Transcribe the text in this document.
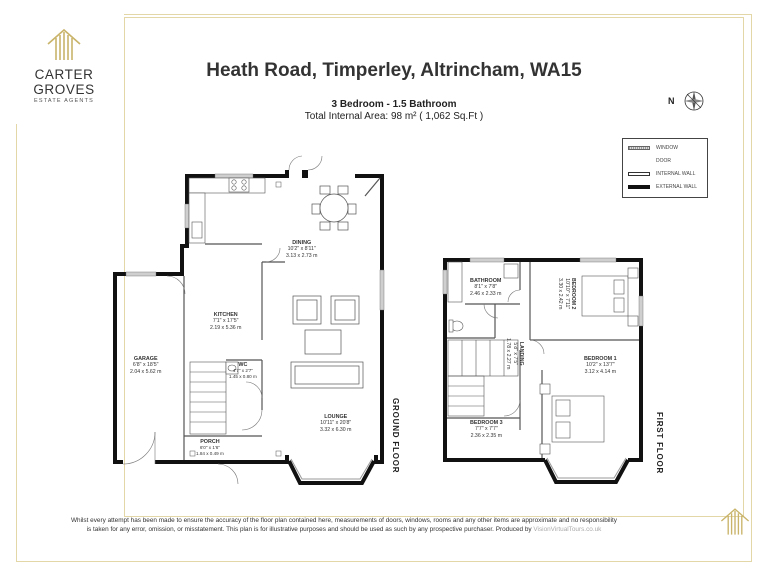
CARTER GROVES
ESTATE AGENTS
Heath Road, Timperley, Altrincham, WA15
3 Bedroom - 1.5 Bathroom
Total Internal Area: 98 m² ( 1,062 Sq.Ft )
N
WINDOW
DOOR
INTERNAL WALL
EXTERNAL WALL
DINING
10'2" x 8'11"
3.13 x 2.73 m
KITCHEN
7'1" x 17'5"
2.19 x 5.36 m
GARAGE
6'8" x 18'5"
2.04 x 5.62 m
WC
4'7" x 2'7"
1.45 x 0.80 m
LOUNGE
10'11" x 20'8"
3.32 x 6.30 m
PORCH
6'0" x 1'6"
1.84 x 0.49 m
BATHROOM
8'1" x 7'8"
2.46 x 2.33 m	BEDROOM 2
10'10" x 7'11"
3.30 x 2.42 m
LANDING
5'8" x 7'5"
1.78 x 2.27 m	BEDROOM 1
10'2" x 13'7"
3.12 x 4.14 m
BEDROOM 3
7'7" x 7'7"
2.36 x 2.35 m
GROUND FLOOR	FIRST FLOOR
Whilst every attempt has been made to ensure the accuracy of the floor plan contained here, measurements of doors, windows, rooms and any other items are approximate and no responsibility
is taken for any error, omission, or misstatement. This plan is for illustrative purposes and should be used as such by any prospective purchaser. Produced by VisionVirtualTours.co.uk
